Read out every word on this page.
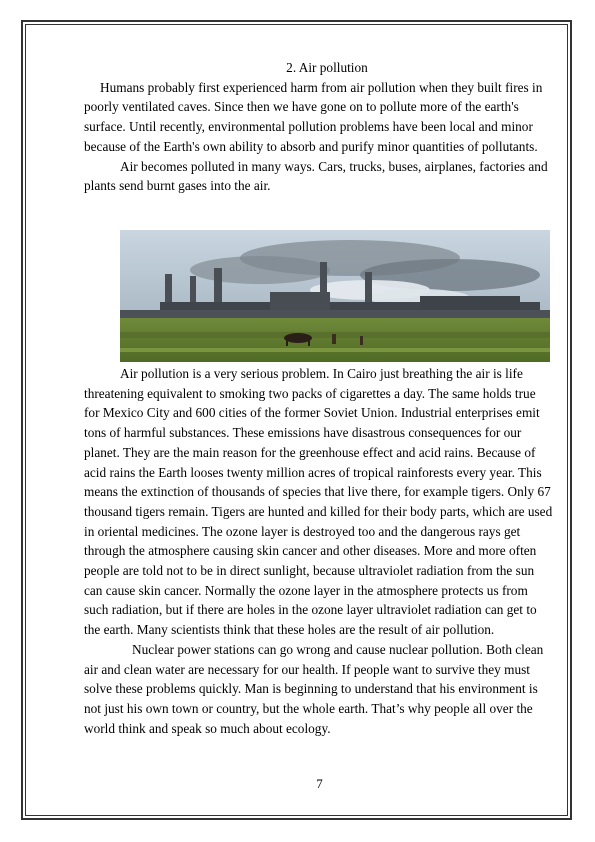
2. Air pollution

Humans probably first experienced harm from air pollution when they built fires in poorly ventilated caves. Since then we have gone on to pollute more of the earth's surface. Until recently, environmental pollution problems have been local and minor because of the Earth's own ability to absorb and purify minor quantities of pollutants.

Air becomes polluted in many ways. Cars, trucks, buses, airplanes, factories and plants send burnt gases into the air.

Air pollution is a very serious problem. In Cairo just breathing the air is life threatening equivalent to smoking two packs of cigarettes a day. The same holds true for Mexico City and 600 cities of the former Soviet Union. Industrial enterprises emit tons of harmful substances. These emissions have disastrous consequences for our planet. They are the main reason for the greenhouse effect and acid rains. Because of acid rains the Earth looses twenty million acres of tropical rainforests every year. This means the extinction of thousands of species that live there, for example tigers. Only 67 thousand tigers remain. Tigers are hunted and killed for their body parts, which are used in oriental medicines. The ozone layer is destroyed too and the dangerous rays get through the atmosphere causing skin cancer and other diseases. More and more often people are told not to be in direct sunlight, because ultraviolet radiation from the sun can cause skin cancer. Normally the ozone layer in the atmosphere protects us from such radiation, but if there are holes in the ozone layer ultraviolet radiation can get to the earth. Many scientists think that these holes are the result of air pollution.

Nuclear power stations can go wrong and cause nuclear pollution. Both clean air and clean water are necessary for our health. If people want to survive they must solve these problems quickly. Man is beginning to understand that his environment is not just his own town or country, but the whole earth. That’s why people all over the world think and speak so much about ecology.

7
